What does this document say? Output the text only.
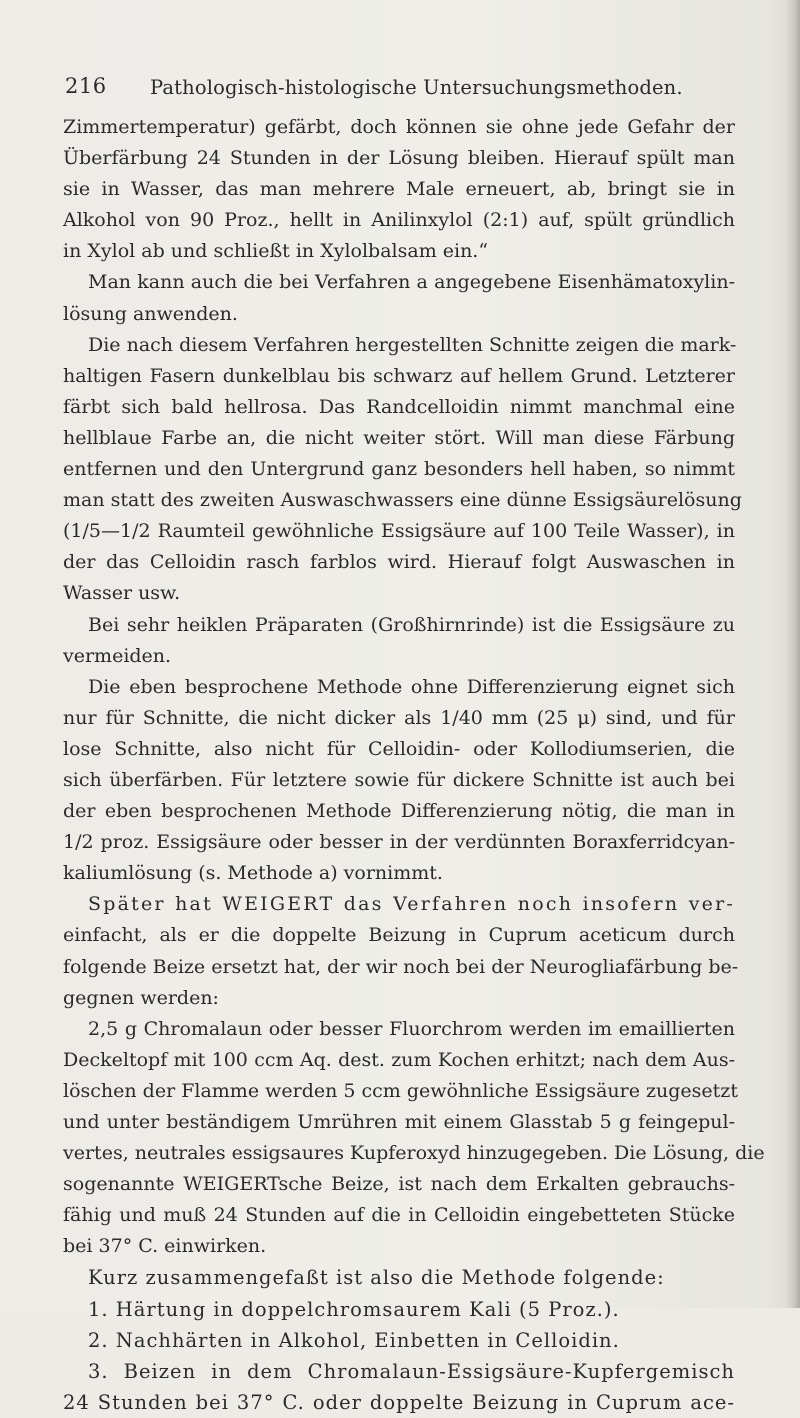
216 Pathologisch-histologische Untersuchungsmethoden.
Zimmertemperatur) gefärbt, doch können sie ohne jede Gefahr der
Überfärbung 24 Stunden in der Lösung bleiben. Hierauf spült man
sie in Wasser, das man mehrere Male erneuert, ab, bringt sie in
Alkohol von 90 Proz., hellt in Anilinxylol (2:1) auf, spült gründlich
in Xylol ab und schließt in Xylolbalsam ein.“
Man kann auch die bei Verfahren a angegebene Eisenhämatoxylin-
lösung anwenden.
Die nach diesem Verfahren hergestellten Schnitte zeigen die mark-
haltigen Fasern dunkelblau bis schwarz auf hellem Grund. Letzterer
färbt sich bald hellrosa. Das Randcelloidin nimmt manchmal eine
hellblaue Farbe an, die nicht weiter stört. Will man diese Färbung
entfernen und den Untergrund ganz besonders hell haben, so nimmt
man statt des zweiten Auswaschwassers eine dünne Essigsäurelösung
(1/5—1/2 Raumteil gewöhnliche Essigsäure auf 100 Teile Wasser), in
der das Celloidin rasch farblos wird. Hierauf folgt Auswaschen in
Wasser usw.
Bei sehr heiklen Präparaten (Großhirnrinde) ist die Essigsäure zu
vermeiden.
Die eben besprochene Methode ohne Differenzierung eignet sich
nur für Schnitte, die nicht dicker als 1/40 mm (25 μ) sind, und für
lose Schnitte, also nicht für Celloidin- oder Kollodiumserien, die
sich überfärben. Für letztere sowie für dickere Schnitte ist auch bei
der eben besprochenen Methode Differenzierung nötig, die man in
1/2 proz. Essigsäure oder besser in der verdünnten Boraxferridcyan-
kaliumlösung (s. Methode a) vornimmt.
Später hat WEIGERT das Verfahren noch insofern ver-
einfacht, als er die doppelte Beizung in Cuprum aceticum durch
folgende Beize ersetzt hat, der wir noch bei der Neurogliafärbung be-
gegnen werden:
2,5 g Chromalaun oder besser Fluorchrom werden im emaillierten
Deckeltopf mit 100 ccm Aq. dest. zum Kochen erhitzt; nach dem Aus-
löschen der Flamme werden 5 ccm gewöhnliche Essigsäure zugesetzt
und unter beständigem Umrühren mit einem Glasstab 5 g feingepul-
vertes, neutrales essigsaures Kupferoxyd hinzugegeben. Die Lösung, die
sogenannte WEIGERTsche Beize, ist nach dem Erkalten gebrauchs-
fähig und muß 24 Stunden auf die in Celloidin eingebetteten Stücke
bei 37° C. einwirken.
Kurz zusammengefaßt ist also die Methode folgende:
1. Härtung in doppelchromsaurem Kali (5 Proz.).
2. Nachhärten in Alkohol, Einbetten in Celloidin.
3. Beizen in dem Chromalaun-Essigsäure-Kupfergemisch
24 Stunden bei 37° C. oder doppelte Beizung in Cuprum ace-
